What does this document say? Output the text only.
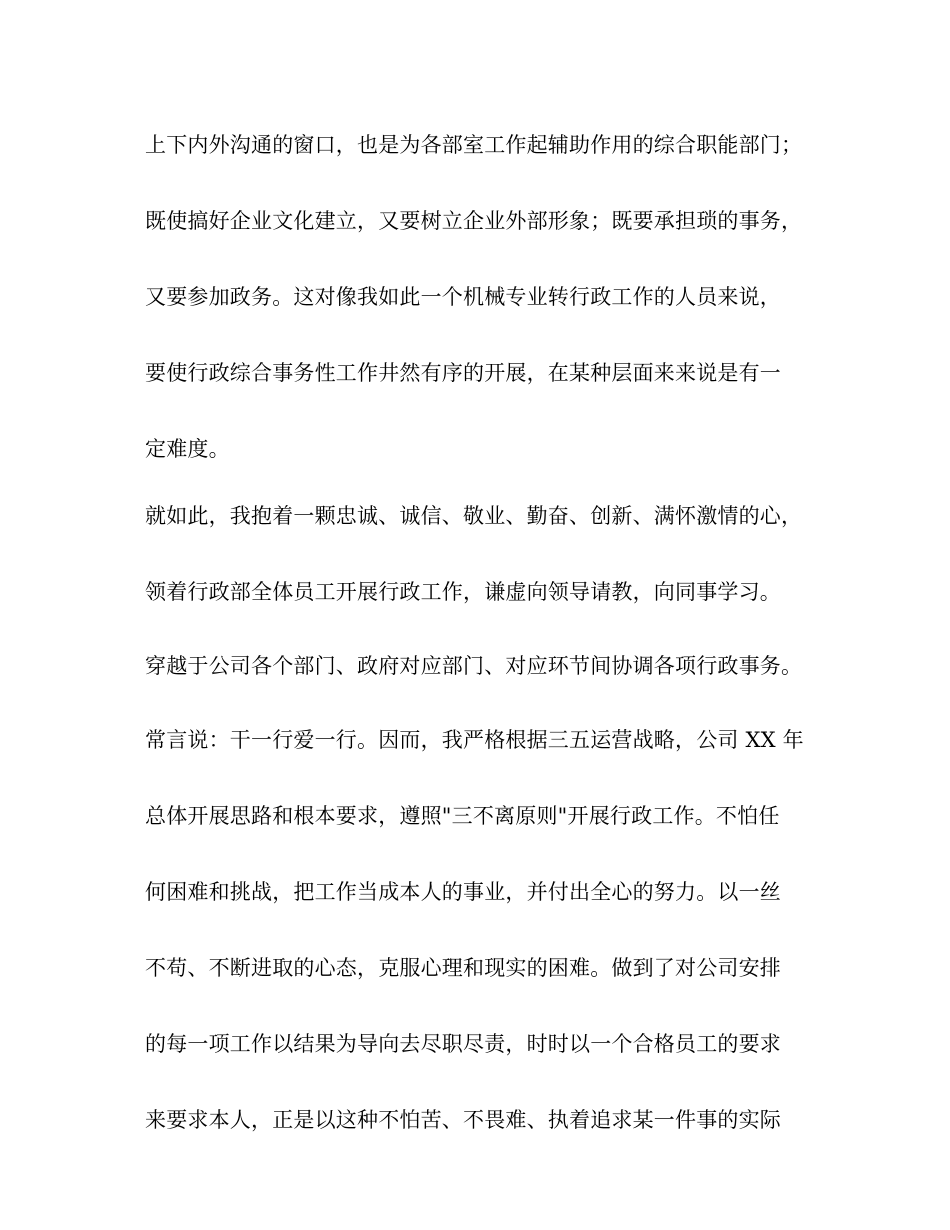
上下内外沟通的窗口，也是为各部室工作起辅助作用的综合职能部门；
既使搞好企业文化建立，又要树立企业外部形象；既要承担琐的事务，
又要参加政务。这对像我如此一个机械专业转行政工作的人员来说，
要使行政综合事务性工作井然有序的开展，在某种层面来来说是有一
定难度。
就如此，我抱着一颗忠诚、诚信、敬业、勤奋、创新、满怀激情的心，
领着行政部全体员工开展行政工作，谦虚向领导请教，向同事学习。
穿越于公司各个部门、政府对应部门、对应环节间协调各项行政事务。
常言说：干一行爱一行。因而，我严格根据三五运营战略，公司 XX 年
总体开展思路和根本要求，遵照"三不离原则"开展行政工作。不怕任
何困难和挑战，把工作当成本人的事业，并付出全心的努力。以一丝
不苟、不断进取的心态，克服心理和现实的困难。做到了对公司安排
的每一项工作以结果为导向去尽职尽责，时时以一个合格员工的要求
来要求本人，正是以这种不怕苦、不畏难、执着追求某一件事的实际
